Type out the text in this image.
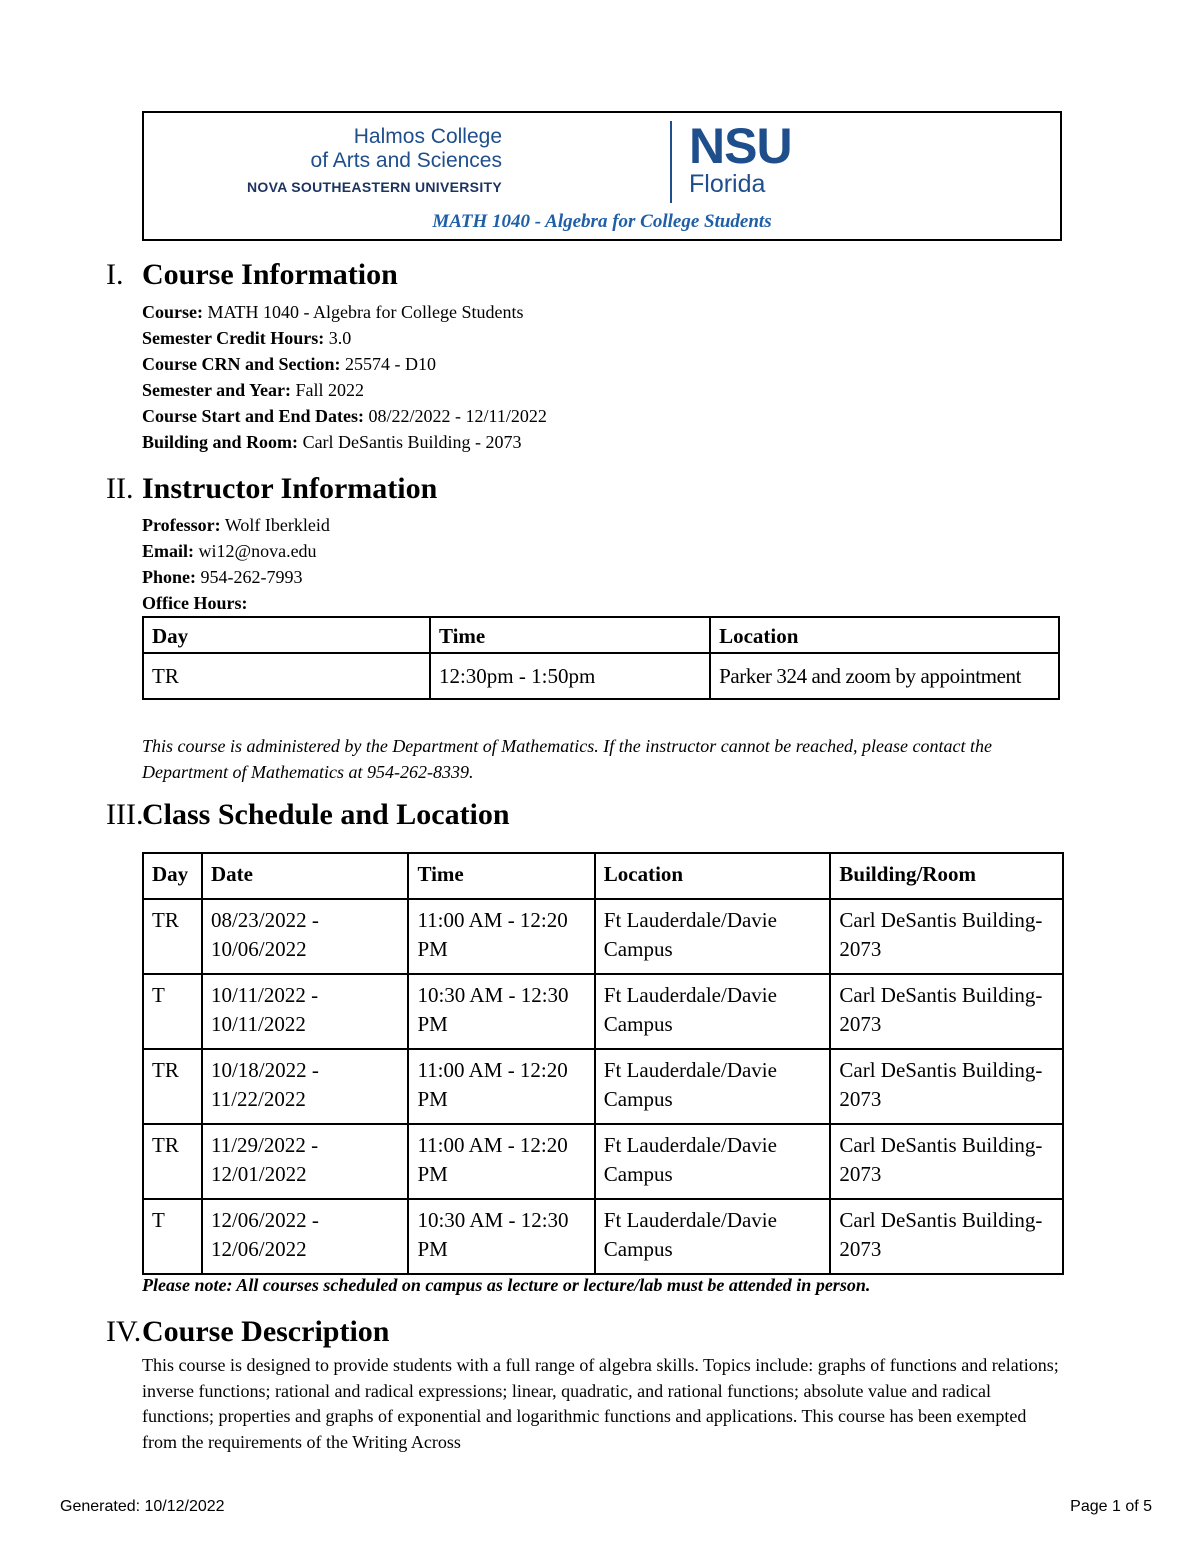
Halmos College
of Arts and Sciences
NOVA SOUTHEASTERN UNIVERSITY
NSU
Florida
MATH 1040 - Algebra for College Students
I. Course Information
Course: MATH 1040 - Algebra for College Students
Semester Credit Hours: 3.0
Course CRN and Section: 25574 - D10
Semester and Year: Fall 2022
Course Start and End Dates: 08/22/2022 - 12/11/2022
Building and Room: Carl DeSantis Building - 2073
II. Instructor Information
Professor: Wolf Iberkleid
Email: wi12@nova.edu
Phone: 954-262-7993
Office Hours:
Day	Time	Location
TR	12:30pm - 1:50pm	Parker 324 and zoom by appointment
This course is administered by the Department of Mathematics. If the instructor cannot be reached, please contact the Department of Mathematics at 954-262-8339.
III.Class Schedule and Location
Day	Date	Time	Location	Building/Room
TR	08/23/2022 - 10/06/2022	11:00 AM - 12:20 PM	Ft Lauderdale/Davie Campus	Carl DeSantis Building- 2073
T	10/11/2022 - 10/11/2022	10:30 AM - 12:30 PM	Ft Lauderdale/Davie Campus	Carl DeSantis Building- 2073
TR	10/18/2022 - 11/22/2022	11:00 AM - 12:20 PM	Ft Lauderdale/Davie Campus	Carl DeSantis Building- 2073
TR	11/29/2022 - 12/01/2022	11:00 AM - 12:20 PM	Ft Lauderdale/Davie Campus	Carl DeSantis Building- 2073
T	12/06/2022 - 12/06/2022	10:30 AM - 12:30 PM	Ft Lauderdale/Davie Campus	Carl DeSantis Building- 2073
Please note: All courses scheduled on campus as lecture or lecture/lab must be attended in person.
IV.Course Description
This course is designed to provide students with a full range of algebra skills. Topics include: graphs of functions and relations; inverse functions; rational and radical expressions; linear, quadratic, and rational functions; absolute value and radical functions; properties and graphs of exponential and logarithmic functions and applications. This course has been exempted from the requirements of the Writing Across
Generated: 10/12/2022	Page 1 of 5
